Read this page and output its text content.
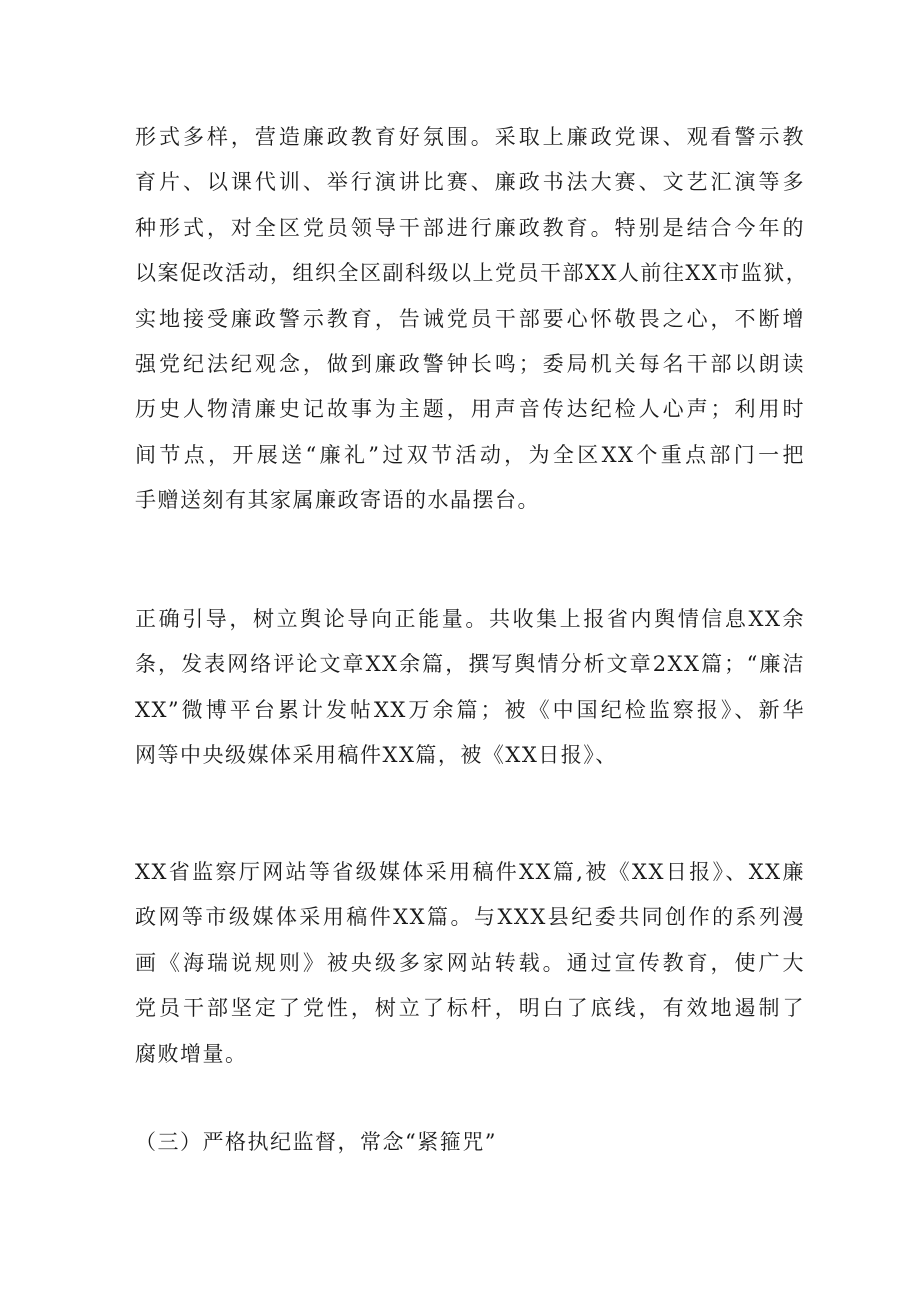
形式多样，营造廉政教育好氛围。采取上廉政党课、观看警示教
育片、以课代训、举行演讲比赛、廉政书法大赛、文艺汇演等多
种形式，对全区党员领导干部进行廉政教育。特别是结合今年的
以案促改活动，组织全区副科级以上党员干部XX人前往XX市监狱，
实地接受廉政警示教育，告诫党员干部要心怀敬畏之心，不断增
强党纪法纪观念，做到廉政警钟长鸣；委局机关每名干部以朗读
历史人物清廉史记故事为主题，用声音传达纪检人心声；利用时
间节点，开展送“廉礼”过双节活动，为全区XX个重点部门一把
手赠送刻有其家属廉政寄语的水晶摆台。
正确引导，树立舆论导向正能量。共收集上报省内舆情信息XX余
条，发表网络评论文章XX余篇，撰写舆情分析文章2XX篇；“廉洁
XX”微博平台累计发帖XX万余篇；被《中国纪检监察报》、新华
网等中央级媒体采用稿件XX篇，被《XX日报》、
XX省监察厅网站等省级媒体采用稿件XX篇,被《XX日报》、XX廉
政网等市级媒体采用稿件XX篇。与XXX县纪委共同创作的系列漫
画《海瑞说规则》被央级多家网站转载。通过宣传教育，使广大
党员干部坚定了党性，树立了标杆，明白了底线，有效地遏制了
腐败增量。
（三）严格执纪监督，常念“紧箍咒”
